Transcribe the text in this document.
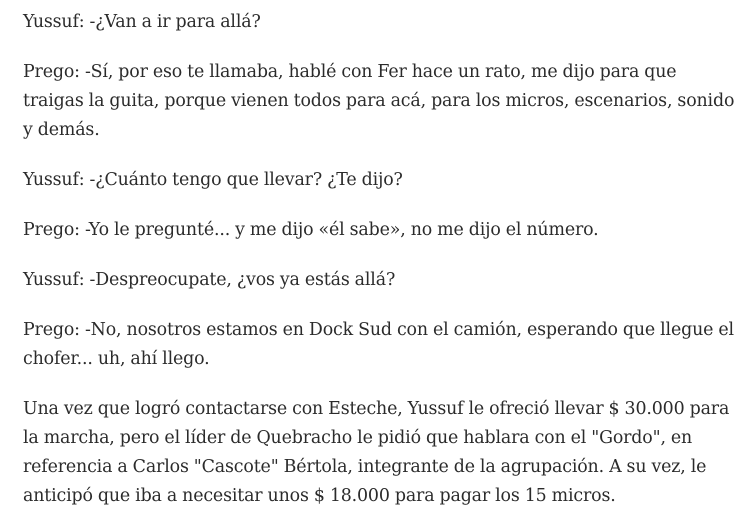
Yussuf: -¿Van a ir para allá?

Prego: -Sí, por eso te llamaba, hablé con Fer hace un rato, me dijo para que traigas la guita, porque vienen todos para acá, para los micros, escenarios, sonido y demás.

Yussuf: -¿Cuánto tengo que llevar? ¿Te dijo?

Prego: -Yo le pregunté... y me dijo «él sabe», no me dijo el número.

Yussuf: -Despreocupate, ¿vos ya estás allá?

Prego: -No, nosotros estamos en Dock Sud con el camión, esperando que llegue el chofer... uh, ahí llego.

Una vez que logró contactarse con Esteche, Yussuf le ofreció llevar $ 30.000 para la marcha, pero el líder de Quebracho le pidió que hablara con el "Gordo", en referencia a Carlos "Cascote" Bértola, integrante de la agrupación. A su vez, le anticipó que iba a necesitar unos $ 18.000 para pagar los 15 micros.
